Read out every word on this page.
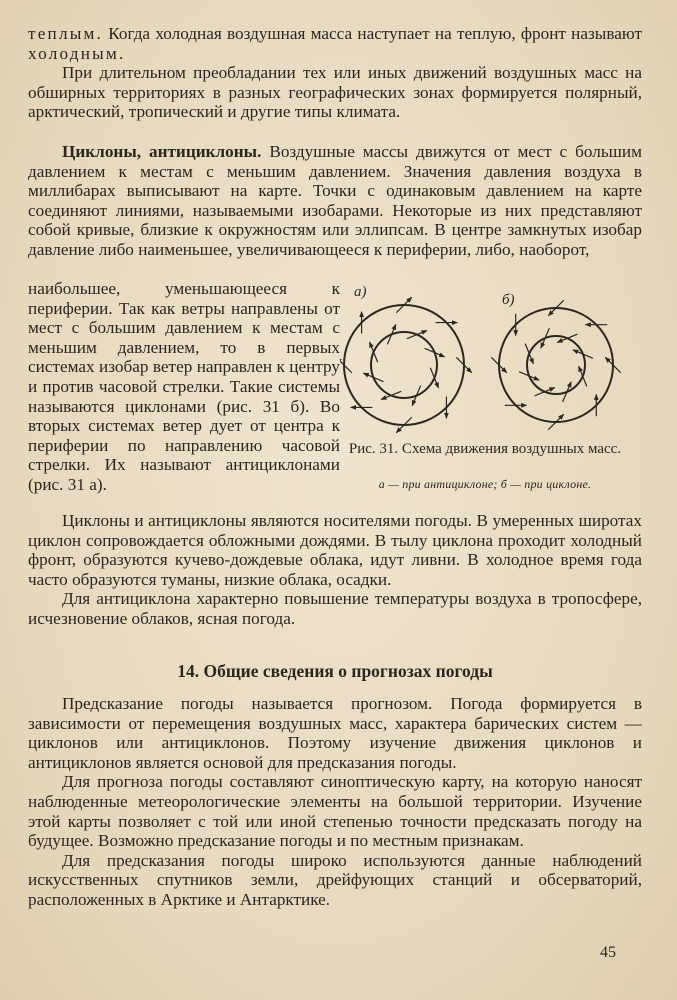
теплым. Когда холодная воздушная масса наступает на теплую, фронт называют холодным.

При длительном преобладании тех или иных движений воздушных масс на обширных территориях в разных географических зонах формируется полярный, арктический, тропический и другие типы климата.

Циклоны, антициклоны. Воздушные массы движутся от мест с большим давлением к местам с меньшим давлением. Значения давления воздуха в миллибарах выписывают на карте. Точки с одинаковым давлением на карте соединяют линиями, называемыми изобарами. Некоторые из них представляют собой кривые, близкие к окружностям или эллипсам. В центре замкнутых изобар давление либо наименьшее, увеличивающееся к периферии, либо, наоборот,

наибольшее, уменьшающееся к периферии. Так как ветры направлены от мест с большим давлением к местам с меньшим давлением, то в первых системах изобар ветер направлен к центру и против часовой стрелки. Такие системы называются циклонами (рис. 31 б). Во вторых системах ветер дует от центра к периферии по направлению часовой стрелки. Их называют антициклонами (рис. 31 а).

а)	б)
Рис. 31. Схема движения воздушных масс.
а — при антициклоне; б — при циклоне.

Циклоны и антициклоны являются носителями погоды. В умеренных широтах циклон сопровождается обложными дождями. В тылу циклона проходит холодный фронт, образуются кучево-дождевые облака, идут ливни. В холодное время года часто образуются туманы, низкие облака, осадки.

Для антициклона характерно повышение температуры воздуха в тропосфере, исчезновение облаков, ясная погода.

14. Общие сведения о прогнозах погоды

Предсказание погоды называется прогнозом. Погода формируется в зависимости от перемещения воздушных масс, характера барических систем — циклонов или антициклонов. Поэтому изучение движения циклонов и антициклонов является основой для предсказания погоды.

Для прогноза погоды составляют синоптическую карту, на которую наносят наблюденные метеорологические элементы на большой территории. Изучение этой карты позволяет с той или иной степенью точности предсказать погоду на будущее. Возможно предсказание погоды и по местным признакам.

Для предсказания погоды широко используются данные наблюдений искусственных спутников земли, дрейфующих станций и обсерваторий, расположенных в Арктике и Антарктике.

45
